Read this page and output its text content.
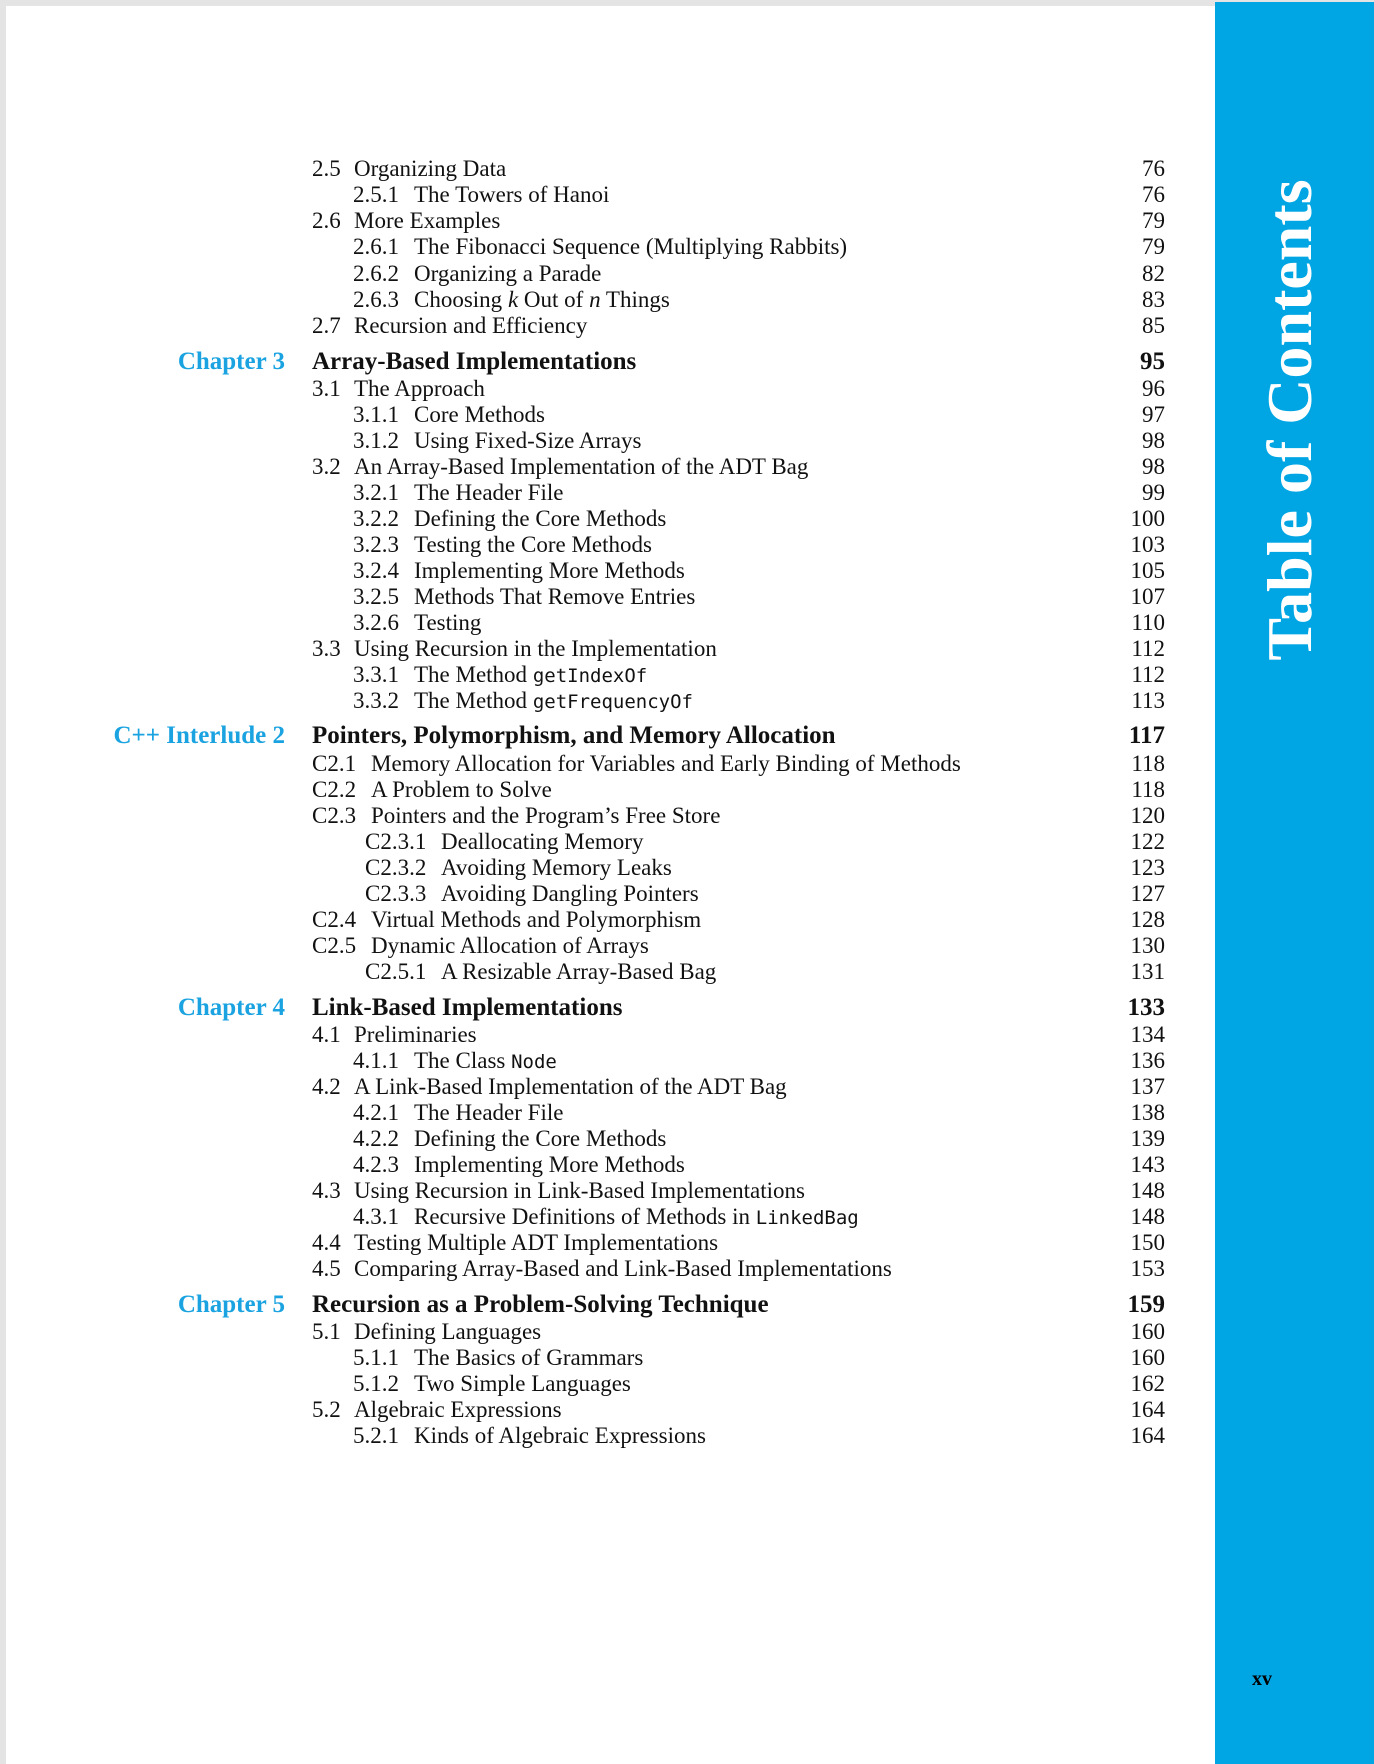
Table of Contents
xv
2.5 Organizing Data	76
2.5.1 The Towers of Hanoi	76
2.6 More Examples	79
2.6.1 The Fibonacci Sequence (Multiplying Rabbits)	79
2.6.2 Organizing a Parade	82
2.6.3 Choosing k Out of n Things	83
2.7 Recursion and Efficiency	85
Chapter 3 Array-Based Implementations	95
3.1 The Approach	96
3.1.1 Core Methods	97
3.1.2 Using Fixed-Size Arrays	98
3.2 An Array-Based Implementation of the ADT Bag	98
3.2.1 The Header File	99
3.2.2 Defining the Core Methods	100
3.2.3 Testing the Core Methods	103
3.2.4 Implementing More Methods	105
3.2.5 Methods That Remove Entries	107
3.2.6 Testing	110
3.3 Using Recursion in the Implementation	112
3.3.1 The Method getIndexOf	112
3.3.2 The Method getFrequencyOf	113
C++ Interlude 2 Pointers, Polymorphism, and Memory Allocation	117
C2.1 Memory Allocation for Variables and Early Binding of Methods	118
C2.2 A Problem to Solve	118
C2.3 Pointers and the Program’s Free Store	120
C2.3.1 Deallocating Memory	122
C2.3.2 Avoiding Memory Leaks	123
C2.3.3 Avoiding Dangling Pointers	127
C2.4 Virtual Methods and Polymorphism	128
C2.5 Dynamic Allocation of Arrays	130
C2.5.1 A Resizable Array-Based Bag	131
Chapter 4 Link-Based Implementations	133
4.1 Preliminaries	134
4.1.1 The Class Node	136
4.2 A Link-Based Implementation of the ADT Bag	137
4.2.1 The Header File	138
4.2.2 Defining the Core Methods	139
4.2.3 Implementing More Methods	143
4.3 Using Recursion in Link-Based Implementations	148
4.3.1 Recursive Definitions of Methods in LinkedBag	148
4.4 Testing Multiple ADT Implementations	150
4.5 Comparing Array-Based and Link-Based Implementations	153
Chapter 5 Recursion as a Problem-Solving Technique	159
5.1 Defining Languages	160
5.1.1 The Basics of Grammars	160
5.1.2 Two Simple Languages	162
5.2 Algebraic Expressions	164
5.2.1 Kinds of Algebraic Expressions	164
